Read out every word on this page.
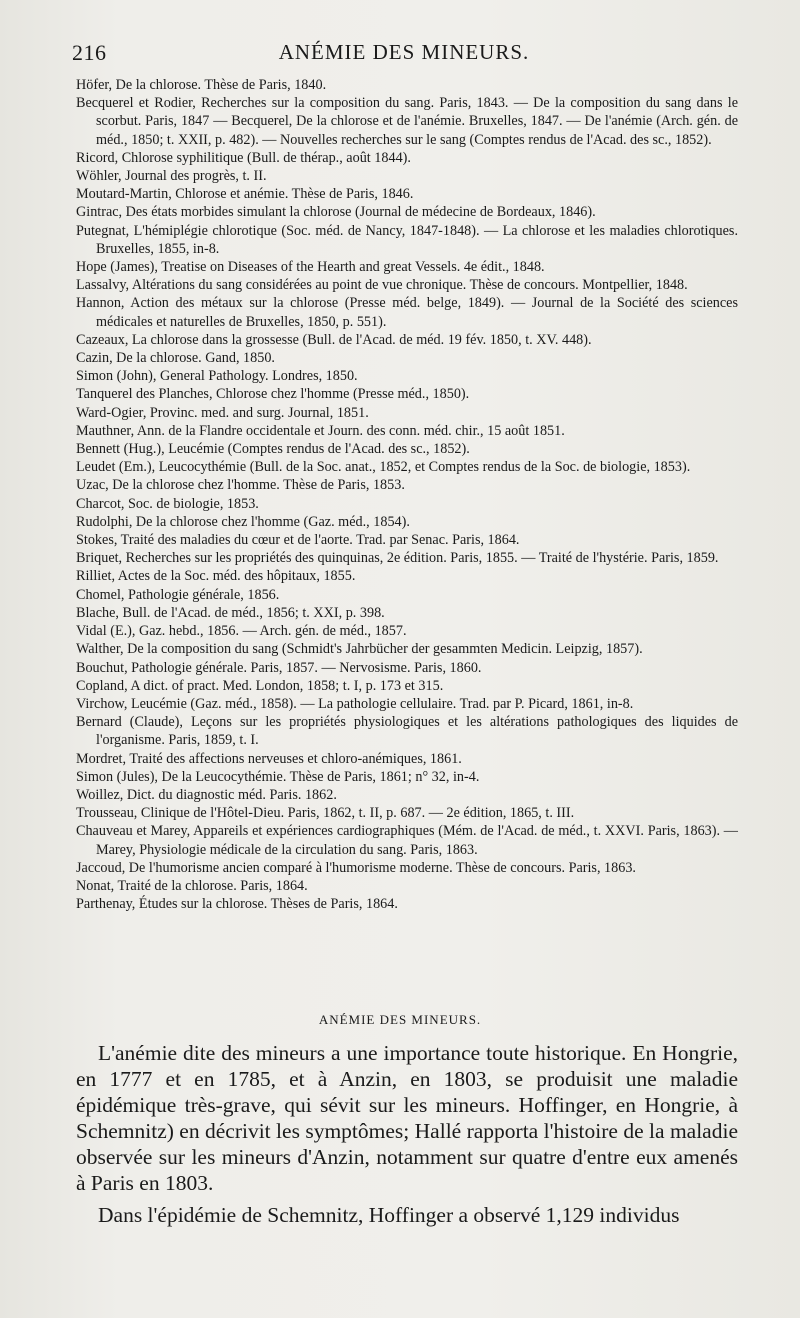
216	ANÉMIE DES MINEURS.
Höfer, De la chlorose. Thèse de Paris, 1840.
Becquerel et Rodier, Recherches sur la composition du sang. Paris, 1843. — De la composition du sang dans le scorbut. Paris, 1847 — Becquerel, De la chlorose et de l'anémie. Bruxelles, 1847. — De l'anémie (Arch. gén. de méd., 1850; t. XXII, p. 482). — Nouvelles recherches sur le sang (Comptes rendus de l'Acad. des sc., 1852).
Ricord, Chlorose syphilitique (Bull. de thérap., août 1844).
Wöhler, Journal des progrès, t. II.
Moutard-Martin, Chlorose et anémie. Thèse de Paris, 1846.
Gintrac, Des états morbides simulant la chlorose (Journal de médecine de Bordeaux, 1846).
Putegnat, L'hémiplégie chlorotique (Soc. méd. de Nancy, 1847-1848). — La chlorose et les maladies chlorotiques. Bruxelles, 1855, in-8.
Hope (James), Treatise on Diseases of the Hearth and great Vessels. 4e édit., 1848.
Lassalvy, Altérations du sang considérées au point de vue chronique. Thèse de concours. Montpellier, 1848.
Hannon, Action des métaux sur la chlorose (Presse méd. belge, 1849). — Journal de la Société des sciences médicales et naturelles de Bruxelles, 1850, p. 551).
Cazeaux, La chlorose dans la grossesse (Bull. de l'Acad. de méd. 19 fév. 1850, t. XV. 448).
Cazin, De la chlorose. Gand, 1850.
Simon (John), General Pathology. Londres, 1850.
Tanquerel des Planches, Chlorose chez l'homme (Presse méd., 1850).
Ward-Ogier, Provinc. med. and surg. Journal, 1851.
Mauthner, Ann. de la Flandre occidentale et Journ. des conn. méd. chir., 15 août 1851.
Bennett (Hug.), Leucémie (Comptes rendus de l'Acad. des sc., 1852).
Leudet (Em.), Leucocythémie (Bull. de la Soc. anat., 1852, et Comptes rendus de la Soc. de biologie, 1853).
Uzac, De la chlorose chez l'homme. Thèse de Paris, 1853.
Charcot, Soc. de biologie, 1853.
Rudolphi, De la chlorose chez l'homme (Gaz. méd., 1854).
Stokes, Traité des maladies du cœur et de l'aorte. Trad. par Senac. Paris, 1864.
Briquet, Recherches sur les propriétés des quinquinas, 2e édition. Paris, 1855. — Traité de l'hystérie. Paris, 1859.
Rilliet, Actes de la Soc. méd. des hôpitaux, 1855.
Chomel, Pathologie générale, 1856.
Blache, Bull. de l'Acad. de méd., 1856; t. XXI, p. 398.
Vidal (E.), Gaz. hebd., 1856. — Arch. gén. de méd., 1857.
Walther, De la composition du sang (Schmidt's Jahrbücher der gesammten Medicin. Leipzig, 1857).
Bouchut, Pathologie générale. Paris, 1857. — Nervosisme. Paris, 1860.
Copland, A dict. of pract. Med. London, 1858; t. I, p. 173 et 315.
Virchow, Leucémie (Gaz. méd., 1858). — La pathologie cellulaire. Trad. par P. Picard, 1861, in-8.
Bernard (Claude), Leçons sur les propriétés physiologiques et les altérations pathologiques des liquides de l'organisme. Paris, 1859, t. I.
Mordret, Traité des affections nerveuses et chloro-anémiques, 1861.
Simon (Jules), De la Leucocythémie. Thèse de Paris, 1861; n° 32, in-4.
Woillez, Dict. du diagnostic méd. Paris. 1862.
Trousseau, Clinique de l'Hôtel-Dieu. Paris, 1862, t. II, p. 687. — 2e édition, 1865, t. III.
Chauveau et Marey, Appareils et expériences cardiographiques (Mém. de l'Acad. de méd., t. XXVI. Paris, 1863). — Marey, Physiologie médicale de la circulation du sang. Paris, 1863.
Jaccoud, De l'humorisme ancien comparé à l'humorisme moderne. Thèse de concours. Paris, 1863.
Nonat, Traité de la chlorose. Paris, 1864.
Parthenay, Études sur la chlorose. Thèses de Paris, 1864.
ANÉMIE DES MINEURS.

L'anémie dite des mineurs a une importance toute historique. En Hongrie, en 1777 et en 1785, et à Anzin, en 1803, se produisit une maladie épidémique très-grave, qui sévit sur les mineurs. Hoffinger, en Hongrie, à Schemnitz) en décrivit les symptômes; Hallé rapporta l'histoire de la maladie observée sur les mineurs d'Anzin, notamment sur quatre d'entre eux amenés à Paris en 1803.

Dans l'épidémie de Schemnitz, Hoffinger a observé 1,129 individus
